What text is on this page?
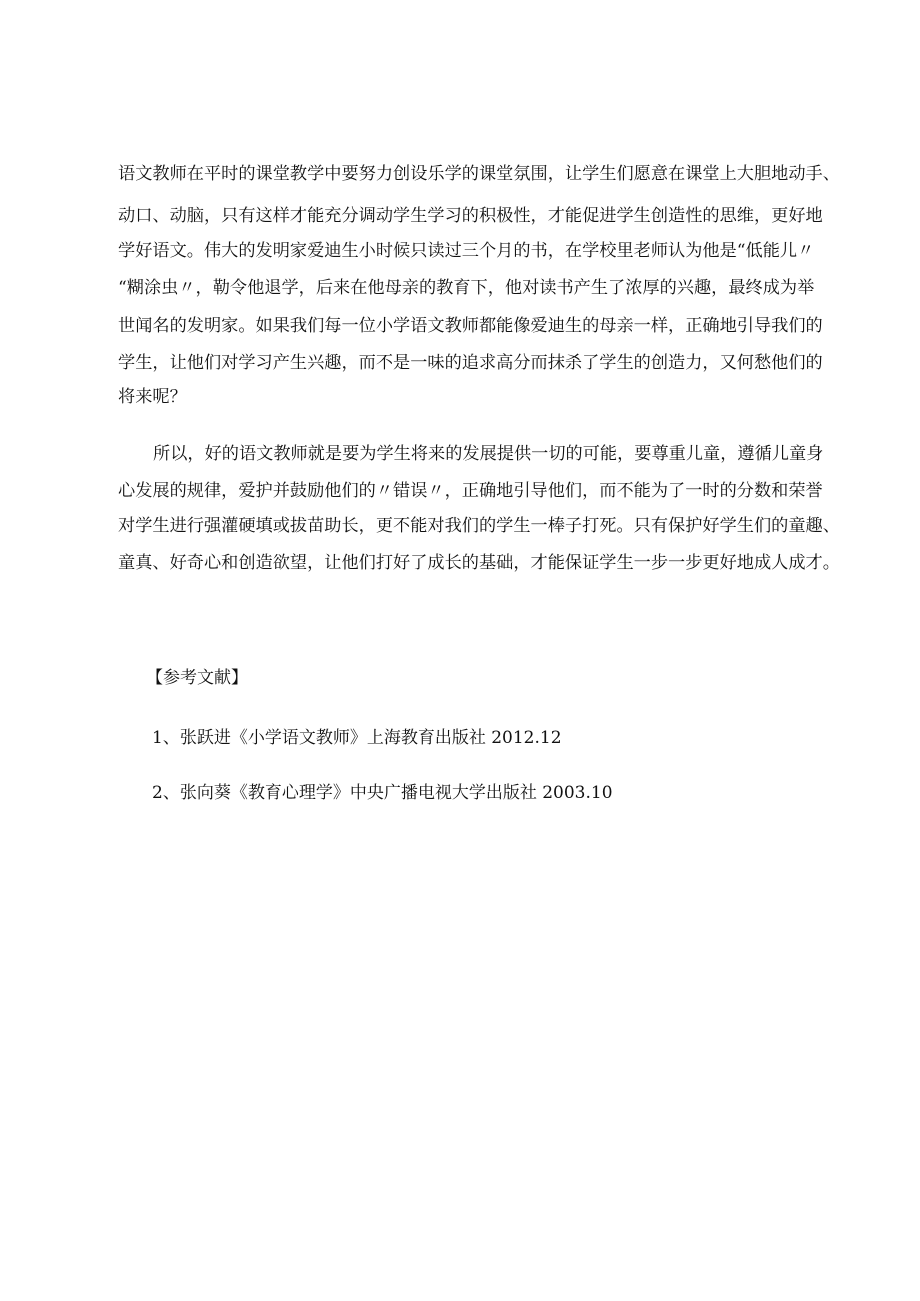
语文教师在平时的课堂教学中要努力创设乐学的课堂氛围，让学生们愿意在课堂上大胆地动手、
动口、动脑，只有这样才能充分调动学生学习的积极性，才能促进学生创造性的思维，更好地
学好语文。伟大的发明家爱迪生小时候只读过三个月的书，在学校里老师认为他是“低能儿〃
“糊涂虫〃，勒令他退学，后来在他母亲的教育下，他对读书产生了浓厚的兴趣，最终成为举
世闻名的发明家。如果我们每一位小学语文教师都能像爱迪生的母亲一样，正确地引导我们的
学生，让他们对学习产生兴趣，而不是一味的追求高分而抹杀了学生的创造力，又何愁他们的
将来呢？
所以，好的语文教师就是要为学生将来的发展提供一切的可能，要尊重儿童，遵循儿童身
心发展的规律，爱护并鼓励他们的〃错误〃，正确地引导他们，而不能为了一时的分数和荣誉
对学生进行强灌硬填或拔苗助长，更不能对我们的学生一棒子打死。只有保护好学生们的童趣、
童真、好奇心和创造欲望，让他们打好了成长的基础，才能保证学生一步一步更好地成人成才。
【参考文献】
1、张跃进《小学语文教师》上海教育出版社 2012.12
2、张向葵《教育心理学》中央广播电视大学出版社 2003.10
